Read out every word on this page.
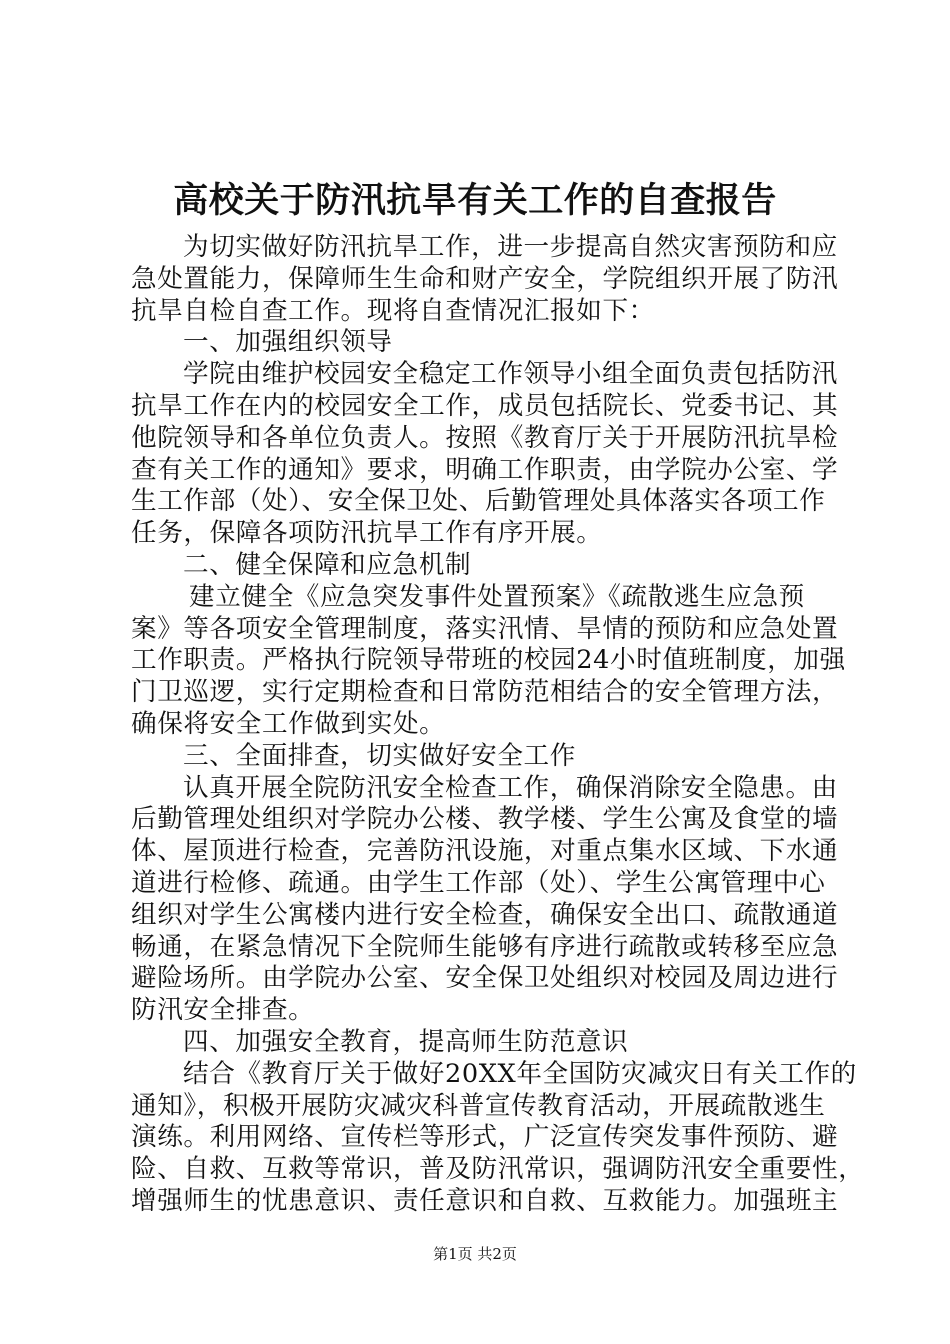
高校关于防汛抗旱有关工作的自查报告
为切实做好防汛抗旱工作，进一步提高自然灾害预防和应
急处置能力，保障师生生命和财产安全，学院组织开展了防汛
抗旱自检自查工作。现将自查情况汇报如下：
一、加强组织领导
学院由维护校园安全稳定工作领导小组全面负责包括防汛
抗旱工作在内的校园安全工作，成员包括院长、党委书记、其
他院领导和各单位负责人。按照《教育厅关于开展防汛抗旱检
查有关工作的通知》要求，明确工作职责，由学院办公室、学
生工作部（处）、安全保卫处、后勤管理处具体落实各项工作
任务，保障各项防汛抗旱工作有序开展。
二、健全保障和应急机制
建立健全《应急突发事件处置预案》《疏散逃生应急预
案》等各项安全管理制度，落实汛情、旱情的预防和应急处置
工作职责。严格执行院领导带班的校园24小时值班制度，加强
门卫巡逻，实行定期检查和日常防范相结合的安全管理方法，
确保将安全工作做到实处。
三、全面排查，切实做好安全工作
认真开展全院防汛安全检查工作，确保消除安全隐患。由
后勤管理处组织对学院办公楼、教学楼、学生公寓及食堂的墙
体、屋顶进行检查，完善防汛设施，对重点集水区域、下水通
道进行检修、疏通。由学生工作部（处）、学生公寓管理中心
组织对学生公寓楼内进行安全检查，确保安全出口、疏散通道
畅通，在紧急情况下全院师生能够有序进行疏散或转移至应急
避险场所。由学院办公室、安全保卫处组织对校园及周边进行
防汛安全排查。
四、加强安全教育，提高师生防范意识
结合《教育厅关于做好20XX年全国防灾减灾日有关工作的
通知》，积极开展防灾减灾科普宣传教育活动，开展疏散逃生
演练。利用网络、宣传栏等形式，广泛宣传突发事件预防、避
险、自救、互救等常识，普及防汛常识，强调防汛安全重要性，
增强师生的忧患意识、责任意识和自救、互救能力。加强班主
第1页 共2页
